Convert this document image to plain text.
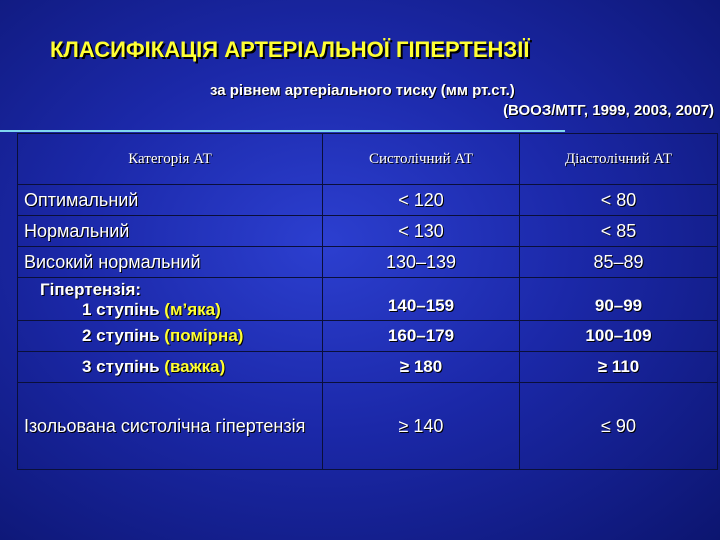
КЛАСИФІКАЦІЯ АРТЕРІАЛЬНОЇ ГІПЕРТЕНЗІЇ
за рівнем артеріального тиску (мм рт.ст.)
(ВООЗ/МТГ, 1999, 2003, 2007)
Категорія АТ	Систолічний АТ	Діастолічний АТ
Оптимальний	< 120	< 80
Нормальний	< 130	< 85
Високий нормальний	130–139	85–89

Гіпертензія:
1 ступінь (м’яка)	140–159	90–99
2 ступінь (помірна)	160–179	100–109
3 ступінь (важка)	≥ 180	≥ 110
Ізольована систолічна гіпертензія	≥ 140	≤ 90
